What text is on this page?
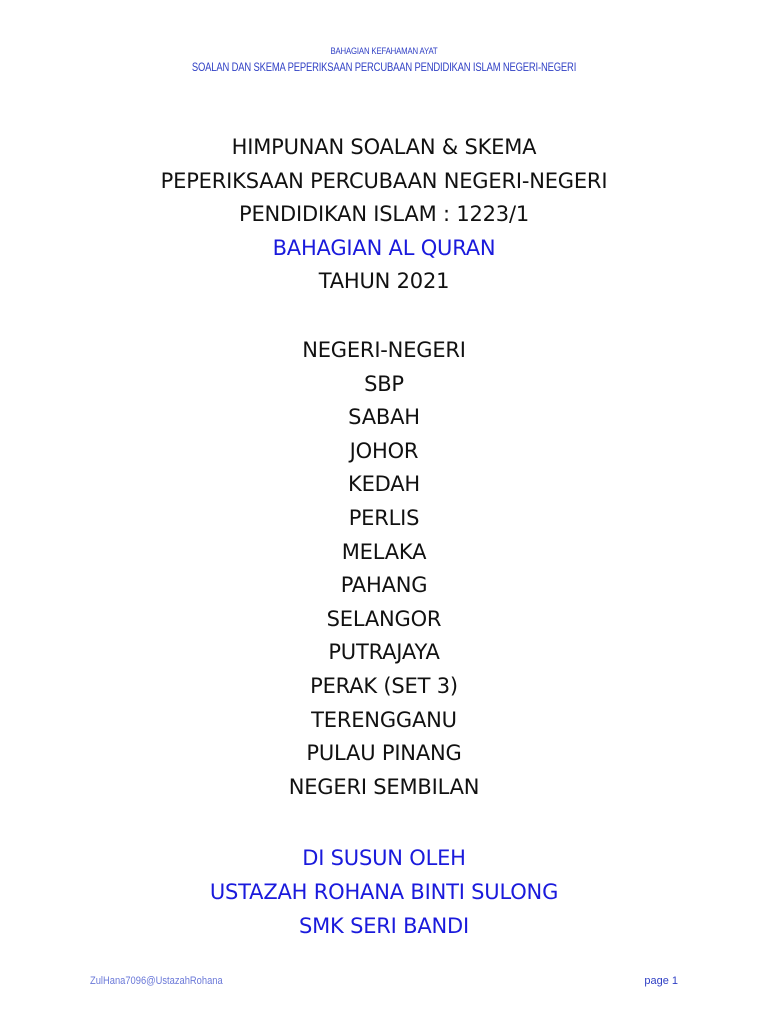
BAHAGIAN KEFAHAMAN AYAT
SOALAN DAN SKEMA PEPERIKSAAN PERCUBAAN PENDIDIKAN ISLAM NEGERI-NEGERI
HIMPUNAN SOALAN & SKEMA
PEPERIKSAAN PERCUBAAN NEGERI-NEGERI
PENDIDIKAN ISLAM : 1223/1
BAHAGIAN AL QURAN
TAHUN 2021
NEGERI-NEGERI
SBP
SABAH
JOHOR
KEDAH
PERLIS
MELAKA
PAHANG
SELANGOR
PUTRAJAYA
PERAK (SET 3)
TERENGGANU
PULAU PINANG
NEGERI SEMBILAN
DI SUSUN OLEH
USTAZAH ROHANA BINTI SULONG
SMK SERI BANDI
ZulHana7096@UstazahRohana	page 1
